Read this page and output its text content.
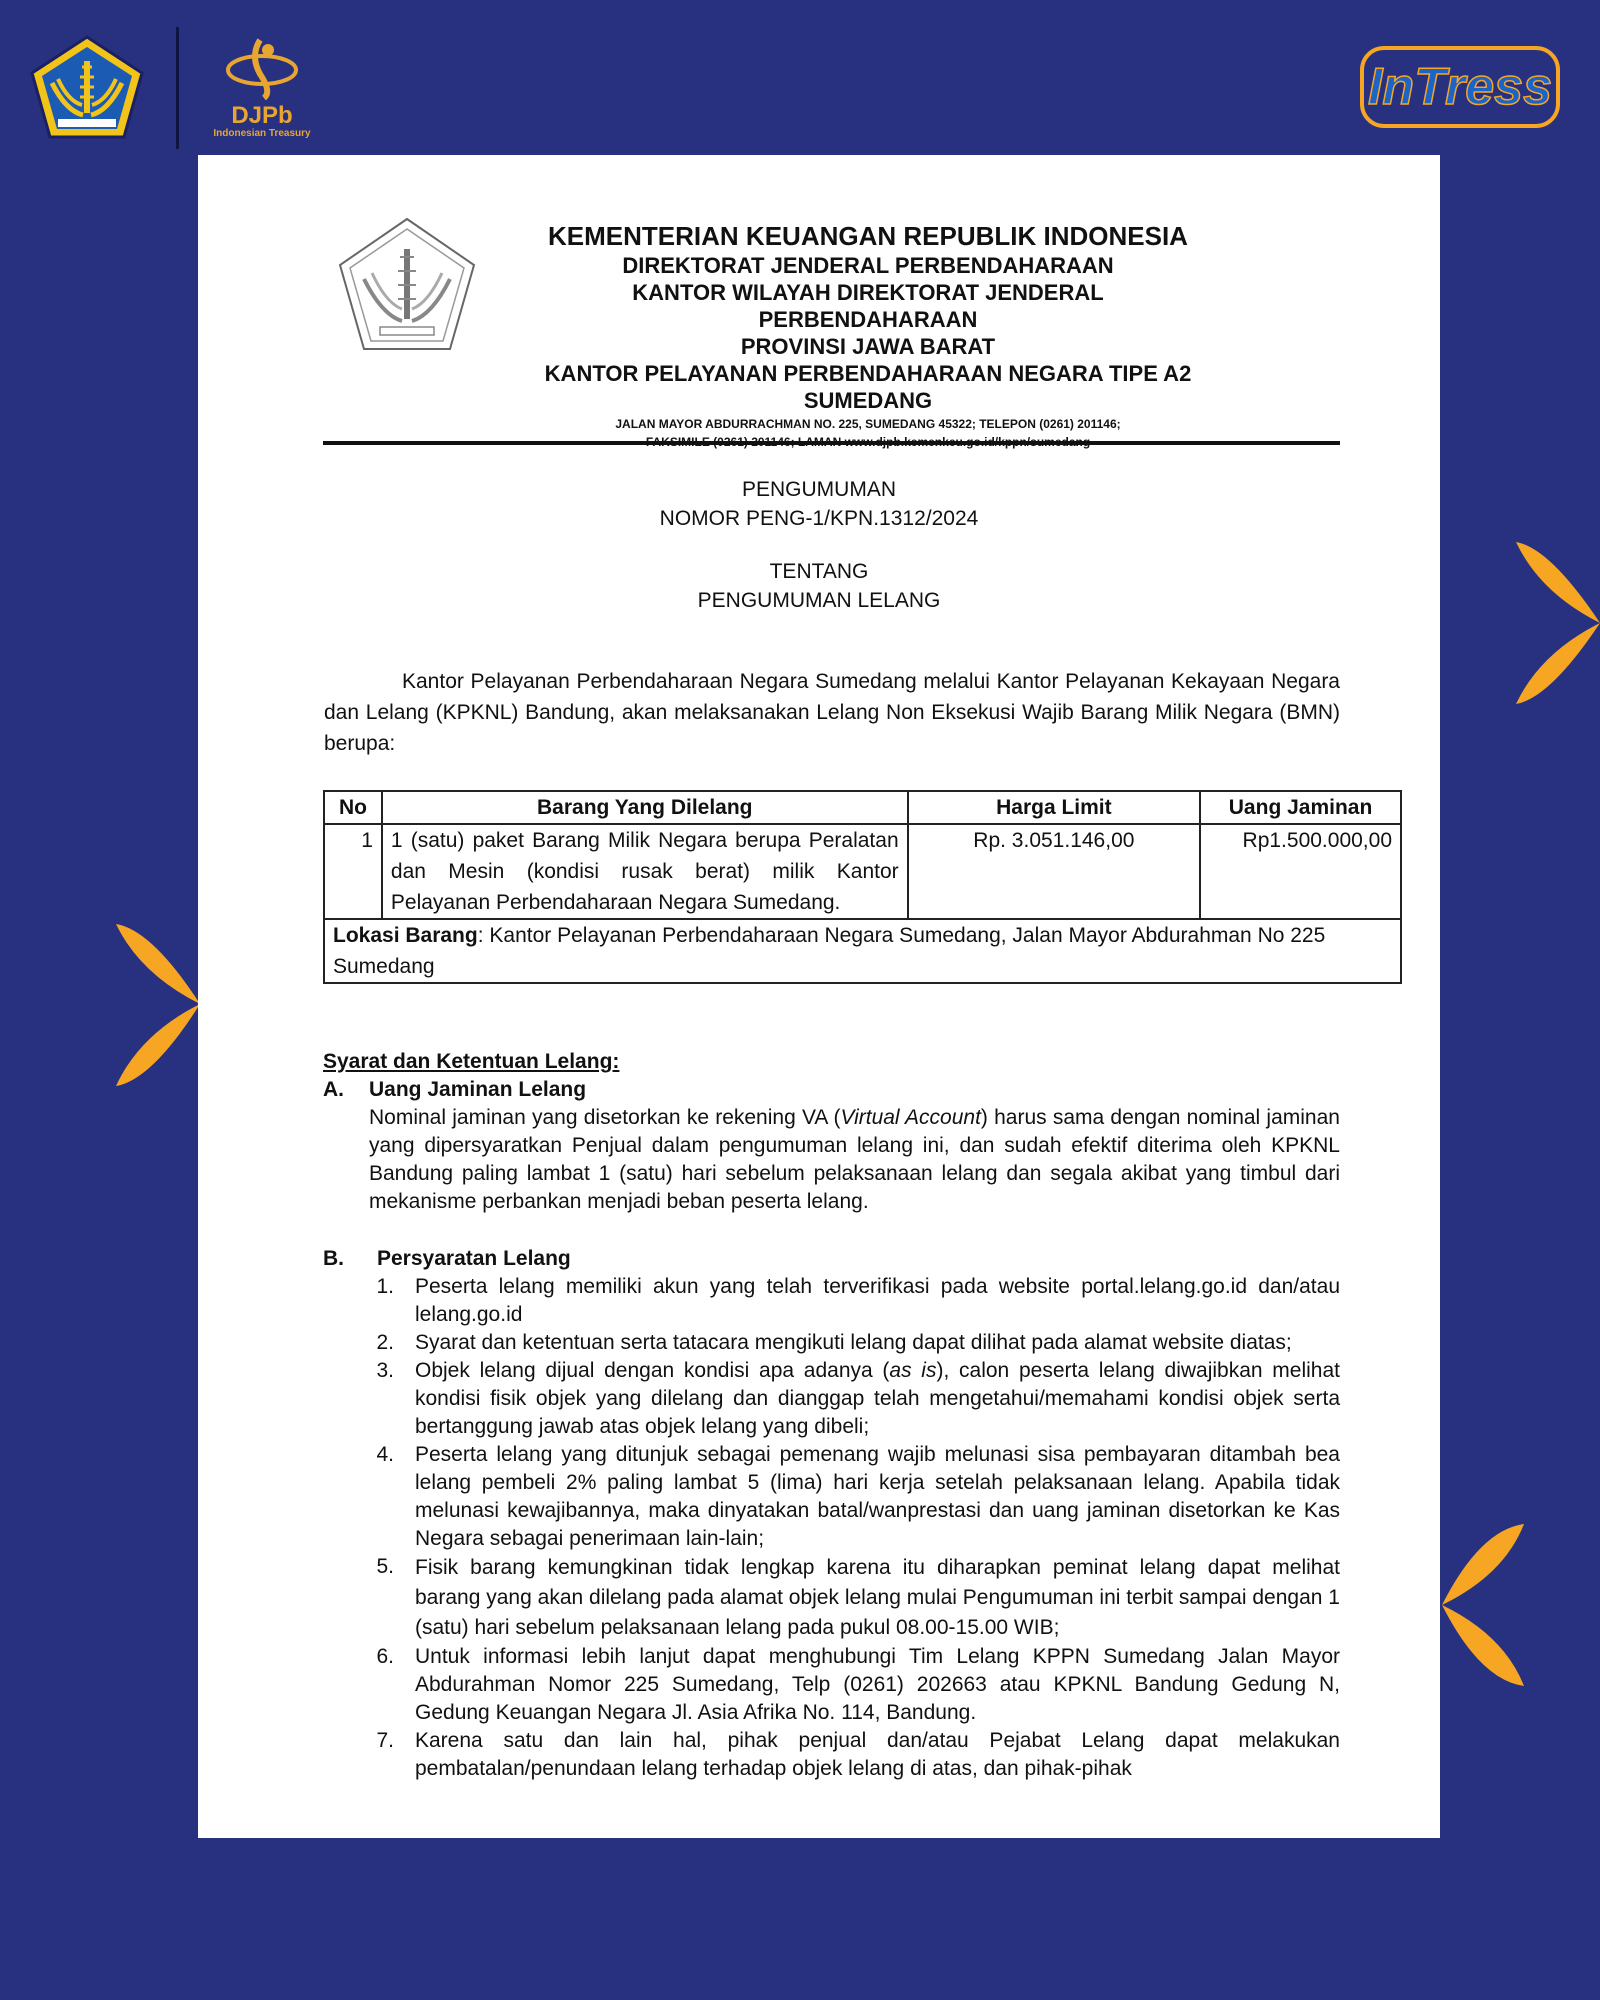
DJPb
Indonesian Treasury
InTress
KEMENTERIAN KEUANGAN REPUBLIK INDONESIA
DIREKTORAT JENDERAL PERBENDAHARAAN
KANTOR WILAYAH DIREKTORAT JENDERAL PERBENDAHARAAN
PROVINSI JAWA BARAT
KANTOR PELAYANAN PERBENDAHARAAN NEGARA TIPE A2
SUMEDANG
JALAN MAYOR ABDURRACHMAN NO. 225, SUMEDANG 45322; TELEPON (0261) 201146;
PENGUMUMAN
NOMOR PENG-1/KPN.1312/2024
TENTANG
PENGUMUMAN LELANG
Kantor Pelayanan Perbendaharaan Negara Sumedang melalui Kantor Pelayanan Kekayaan Negara dan Lelang (KPKNL) Bandung, akan melaksanakan Lelang Non Eksekusi Wajib Barang Milik Negara (BMN) berupa:
No	Barang Yang Dilelang	Harga Limit	Uang Jaminan
1	1 (satu) paket Barang Milik Negara berupa Peralatan dan Mesin (kondisi rusak berat) milik Kantor Pelayanan Perbendaharaan Negara Sumedang.	Rp. 3.051.146,00	Rp1.500.000,00
Lokasi Barang: Kantor Pelayanan Perbendaharaan Negara Sumedang, Jalan Mayor Abdurahman No 225 Sumedang			
Syarat dan Ketentuan Lelang:
A.	Uang Jaminan Lelang
Nominal jaminan yang disetorkan ke rekening VA (Virtual Account) harus sama dengan nominal jaminan yang dipersyaratkan Penjual dalam pengumuman lelang ini, dan sudah efektif diterima oleh KPKNL Bandung paling lambat 1 (satu) hari sebelum pelaksanaan lelang dan segala akibat yang timbul dari mekanisme perbankan menjadi beban peserta lelang.
B.	Persyaratan Lelang
1.	Peserta lelang memiliki akun yang telah terverifikasi pada website portal.lelang.go.id dan/atau lelang.go.id
2.	Syarat dan ketentuan serta tatacara mengikuti lelang dapat dilihat pada alamat website diatas;
3.	Objek lelang dijual dengan kondisi apa adanya (as is), calon peserta lelang diwajibkan melihat kondisi fisik objek yang dilelang dan dianggap telah mengetahui/memahami kondisi objek serta bertanggung jawab atas objek lelang yang dibeli;
4.	Peserta lelang yang ditunjuk sebagai pemenang wajib melunasi sisa pembayaran ditambah bea lelang pembeli 2% paling lambat 5 (lima) hari kerja setelah pelaksanaan lelang. Apabila tidak melunasi kewajibannya, maka dinyatakan batal/wanprestasi dan uang jaminan disetorkan ke Kas Negara sebagai penerimaan lain-lain;
5.	Fisik barang kemungkinan tidak lengkap karena itu diharapkan peminat lelang dapat melihat barang yang akan dilelang pada alamat objek lelang mulai Pengumuman ini terbit sampai dengan 1 (satu) hari sebelum pelaksanaan lelang pada pukul 08.00-15.00 WIB;
6.	Untuk informasi lebih lanjut dapat menghubungi Tim Lelang KPPN Sumedang Jalan Mayor Abdurahman Nomor 225 Sumedang, Telp (0261) 202663 atau KPKNL Bandung Gedung N, Gedung Keuangan Negara Jl. Asia Afrika No. 114, Bandung.
7.	Karena satu dan lain hal, pihak penjual dan/atau Pejabat Lelang dapat melakukan pembatalan/penundaan lelang terhadap objek lelang di atas, dan pihak-pihak
